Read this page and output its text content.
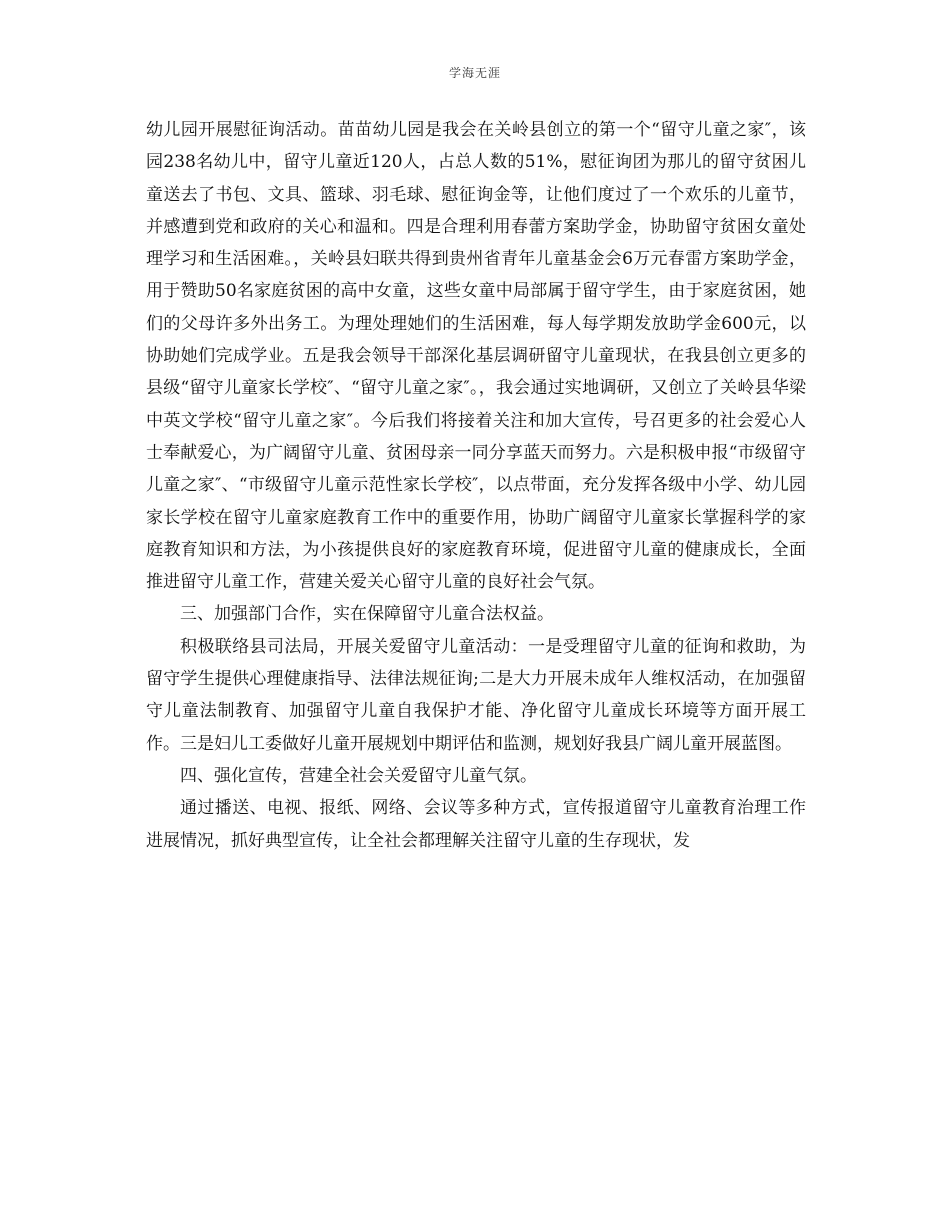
学海无涯

幼儿园开展慰征询活动。苗苗幼儿园是我会在关岭县创立的第一个“留守儿童之家″，该园238名幼儿中，留守儿童近120人，占总人数的51%，慰征询团为那儿的留守贫困儿童送去了书包、文具、篮球、羽毛球、慰征询金等，让他们度过了一个欢乐的儿童节，并感遭到党和政府的关心和温和。四是合理利用春蕾方案助学金，协助留守贫困女童处理学习和生活困难。，关岭县妇联共得到贵州省青年儿童基金会6万元春雷方案助学金，用于赞助50名家庭贫困的高中女童，这些女童中局部属于留守学生，由于家庭贫困，她们的父母许多外出务工。为理处理她们的生活困难，每人每学期发放助学金600元，以协助她们完成学业。五是我会领导干部深化基层调研留守儿童现状，在我县创立更多的县级“留守儿童家长学校″、“留守儿童之家″。，我会通过实地调研，又创立了关岭县华梁中英文学校“留守儿童之家″。今后我们将接着关注和加大宣传，号召更多的社会爱心人士奉献爱心，为广阔留守儿童、贫困母亲一同分享蓝天而努力。六是积极申报“市级留守儿童之家″、“市级留守儿童示范性家长学校″，以点带面，充分发挥各级中小学、幼儿园家长学校在留守儿童家庭教育工作中的重要作用，协助广阔留守儿童家长掌握科学的家庭教育知识和方法，为小孩提供良好的家庭教育环境，促进留守儿童的健康成长，全面推进留守儿童工作，营建关爱关心留守儿童的良好社会气氛。

三、加强部门合作，实在保障留守儿童合法权益。

积极联络县司法局，开展关爱留守儿童活动：一是受理留守儿童的征询和救助，为留守学生提供心理健康指导、法律法规征询;二是大力开展未成年人维权活动，在加强留守儿童法制教育、加强留守儿童自我保护才能、净化留守儿童成长环境等方面开展工作。三是妇儿工委做好儿童开展规划中期评估和监测，规划好我县广阔儿童开展蓝图。

四、强化宣传，营建全社会关爱留守儿童气氛。

通过播送、电视、报纸、网络、会议等多种方式，宣传报道留守儿童教育治理工作进展情况，抓好典型宣传，让全社会都理解关注留守儿童的生存现状，发
